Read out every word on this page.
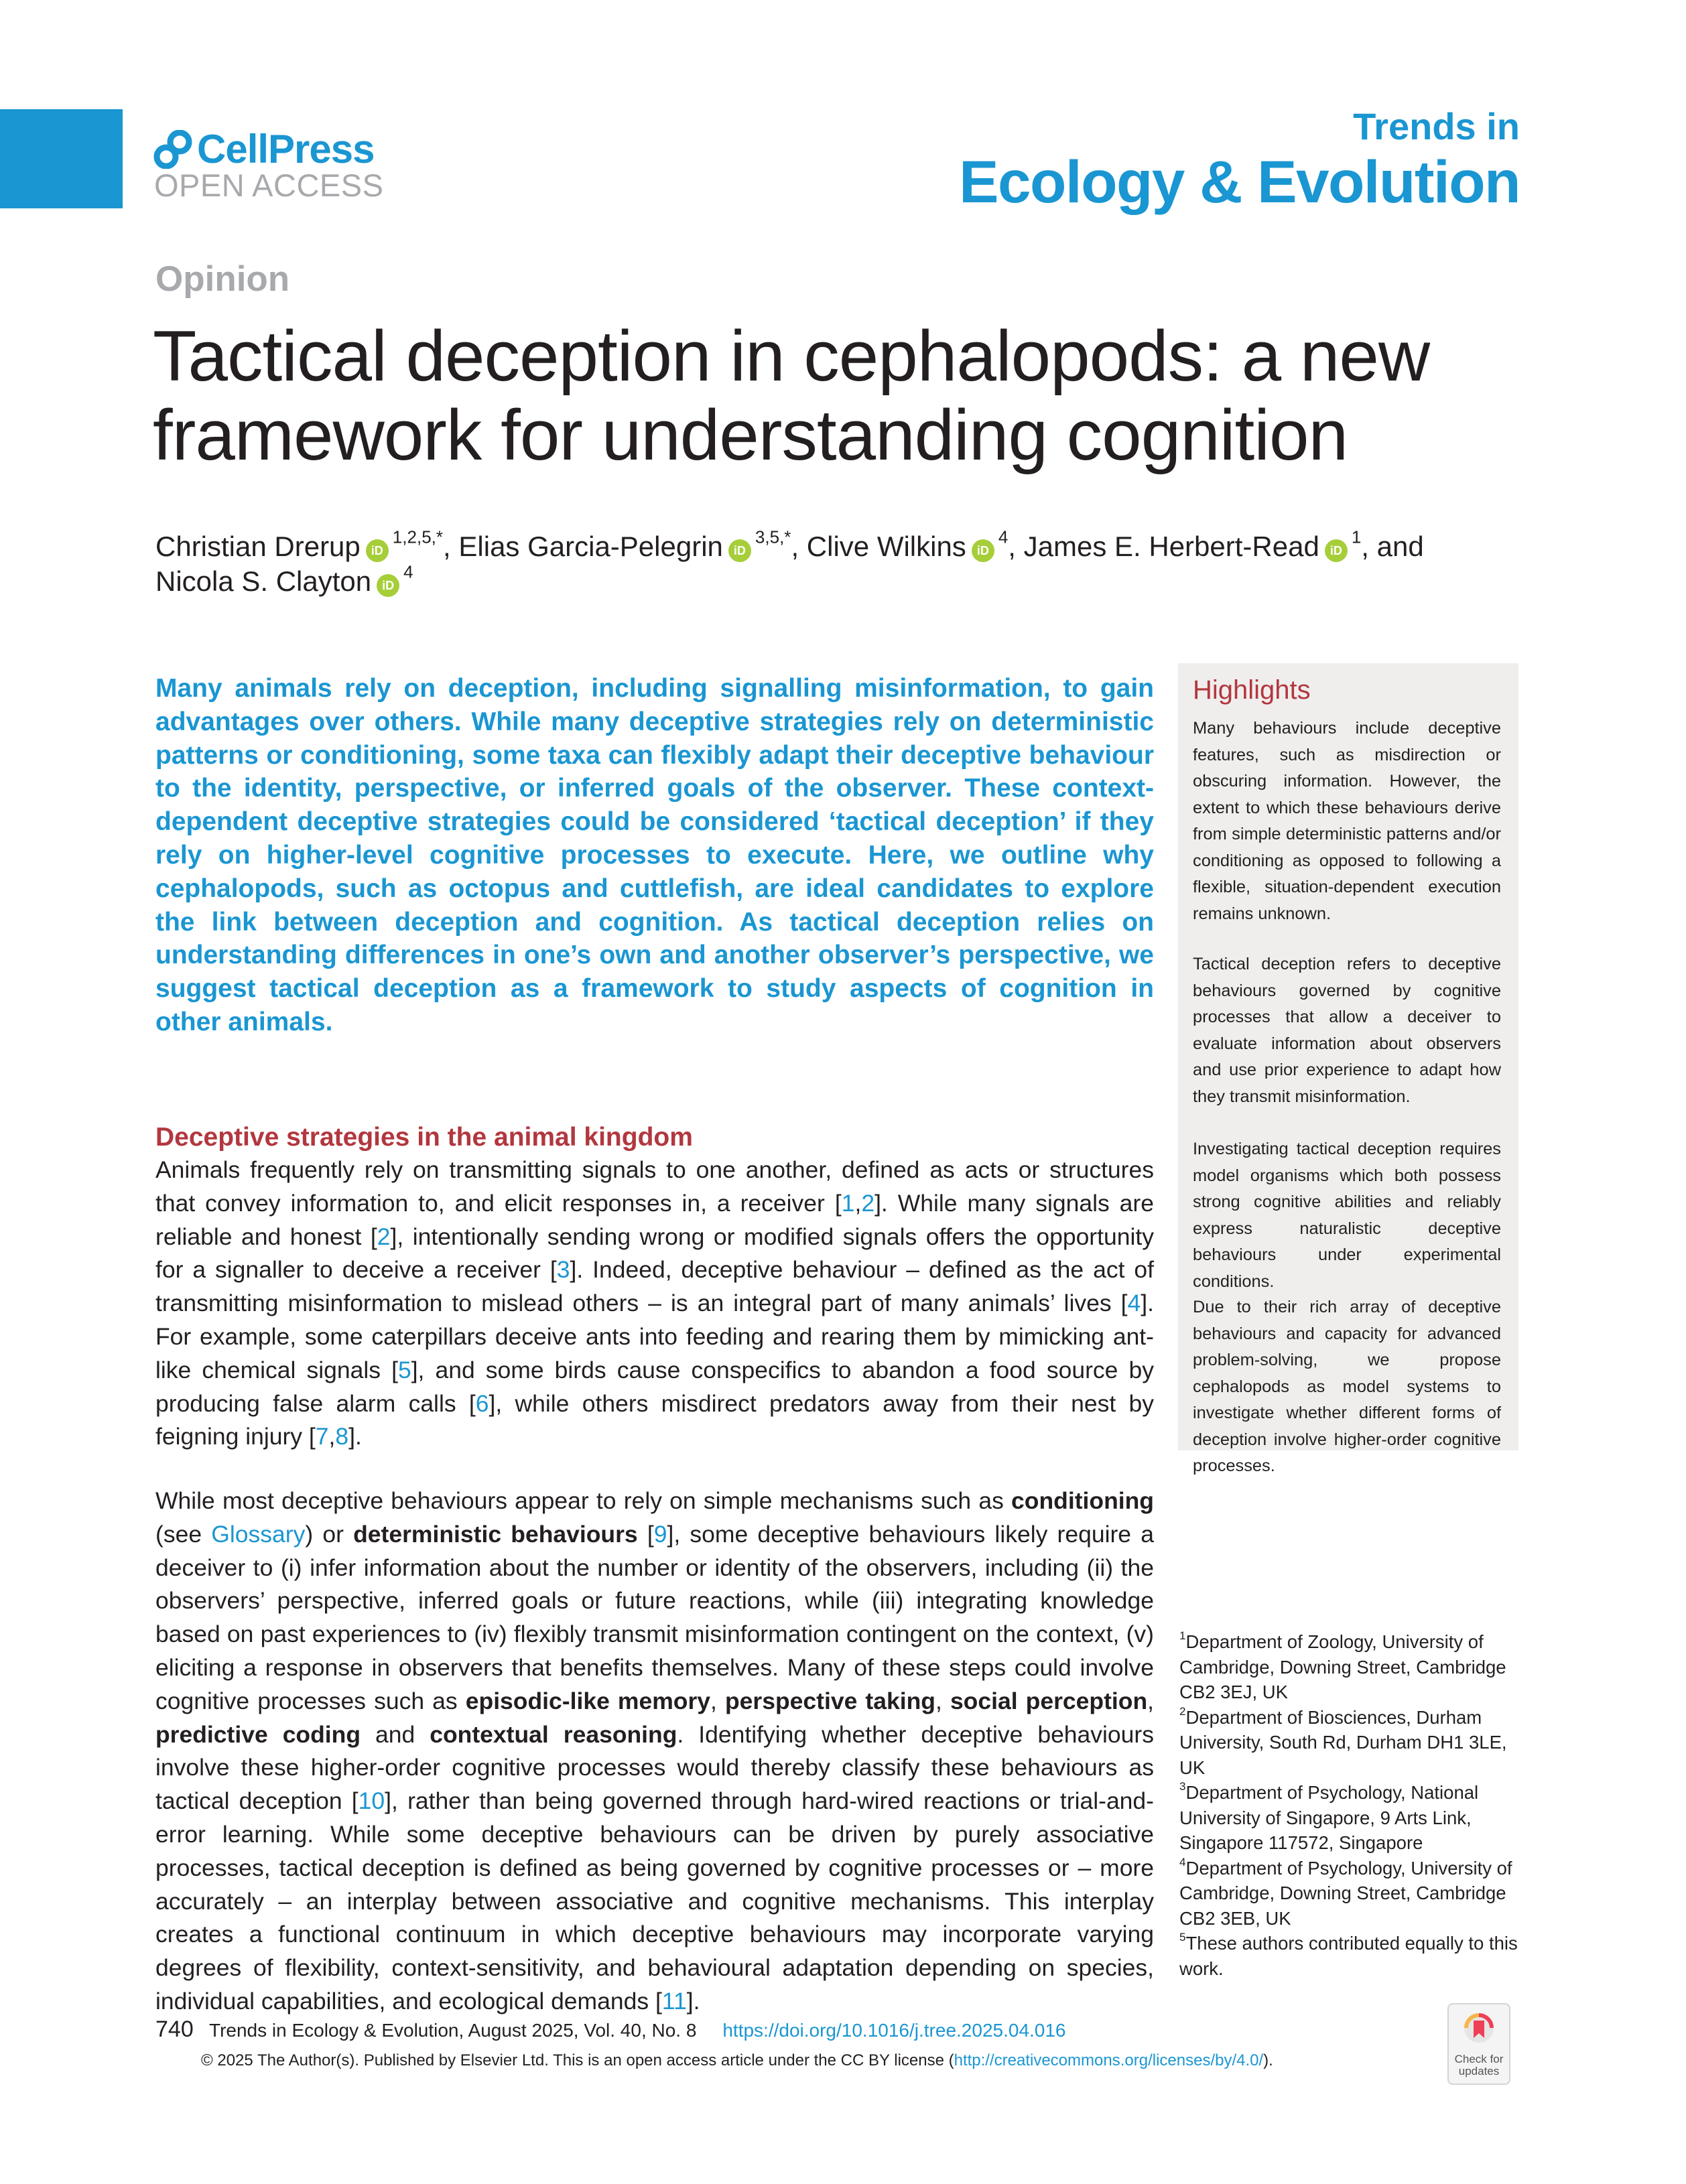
CellPress
OPEN ACCESS
Trends in
Ecology & Evolution
Opinion
Tactical deception in cephalopods: a new framework for understanding cognition
Christian Drerup $iD^{1,2,5,*}$, Elias Garcia-Pelegrin $iD^{3,5,*}$, Clive Wilkins $iD^4$, James E. Herbert-Read $iD^1$, and
Nicola S. Clayton $iD^4$

Many animals rely on deception, including signalling misinformation, to gain advantages over others. While many deceptive strategies rely on deterministic patterns or conditioning, some taxa can flexibly adapt their deceptive behaviour to the identity, perspective, or inferred goals of the observer. These context-dependent deceptive strategies could be considered ‘tactical deception’ if they rely on higher-level cognitive processes to execute. Here, we outline why cephalopods, such as octopus and cuttlefish, are ideal candidates to explore the link between deception and cognition. As tactical deception relies on understanding differences in one’s own and another observer’s perspective, we suggest tactical deception as a framework to study aspects of cognition in other animals.

Highlights

Many behaviours include deceptive features, such as misdirection or obscuring information. However, the extent to which these behaviours derive from simple deterministic patterns and/or conditioning as opposed to following a flexible, situation-dependent execution remains unknown.

Tactical deception refers to deceptive behaviours governed by cognitive processes that allow a deceiver to evaluate information about observers and use prior experience to adapt how they transmit misinformation.

Investigating tactical deception requires model organisms which both possess strong cognitive abilities and reliably express naturalistic deceptive behaviours under experimental conditions.

Due to their rich array of deceptive behaviours and capacity for advanced problem-solving, we propose cephalopods as model systems to investigate whether different forms of deception involve higher-order cognitive processes.

Deceptive strategies in the animal kingdom

Animals frequently rely on transmitting signals to one another, defined as acts or structures that convey information to, and elicit responses in, a receiver [1,2]. While many signals are reliable and honest [2], intentionally sending wrong or modified signals offers the opportunity for a signaller to deceive a receiver [3]. Indeed, deceptive behaviour – defined as the act of transmitting misinformation to mislead others – is an integral part of many animals’ lives [4]. For example, some caterpillars deceive ants into feeding and rearing them by mimicking ant-like chemical signals [5], and some birds cause conspecifics to abandon a food source by producing false alarm calls [6], while others misdirect predators away from their nest by feigning injury [7,8].

While most deceptive behaviours appear to rely on simple mechanisms such as conditioning (see Glossary) or deterministic behaviours [9], some deceptive behaviours likely require a deceiver to (i) infer information about the number or identity of the observers, including (ii) the observers’ perspective, inferred goals or future reactions, while (iii) integrating knowledge based on past experiences to (iv) flexibly transmit misinformation contingent on the context, (v) eliciting a response in observers that benefits themselves. Many of these steps could involve cognitive processes such as episodic-like memory, perspective taking, social perception, predictive coding and contextual reasoning. Identifying whether deceptive behaviours involve these higher-order cognitive processes would thereby classify these behaviours as tactical deception [10], rather than being governed through hard-wired reactions or trial-and-error learning. While some deceptive behaviours can be driven by purely associative processes, tactical deception is defined as being governed by cognitive processes or – more accurately – an interplay between associative and cognitive mechanisms. This interplay creates a functional continuum in which deceptive behaviours may incorporate varying degrees of flexibility, context-sensitivity, and behavioural adaptation depending on species, individual capabilities, and ecological demands [11].

$^1$Department of Zoology, University of Cambridge, Downing Street, Cambridge CB2 3EJ, UK
$^2$Department of Biosciences, Durham University, South Rd, Durham DH1 3LE, UK
$^3$Department of Psychology, National University of Singapore, 9 Arts Link, Singapore 117572, Singapore
$^4$Department of Psychology, University of Cambridge, Downing Street, Cambridge CB2 3EB, UK
$^5$These authors contributed equally to this work.
740 Trends in Ecology & Evolution, August 2025, Vol. 40, No. 8 https://doi.org/10.1016/j.tree.2025.04.016
© 2025 The Author(s). Published by Elsevier Ltd. This is an open access article under the CC BY license (http://creativecommons.org/licenses/by/4.0/).	Check for
updates
